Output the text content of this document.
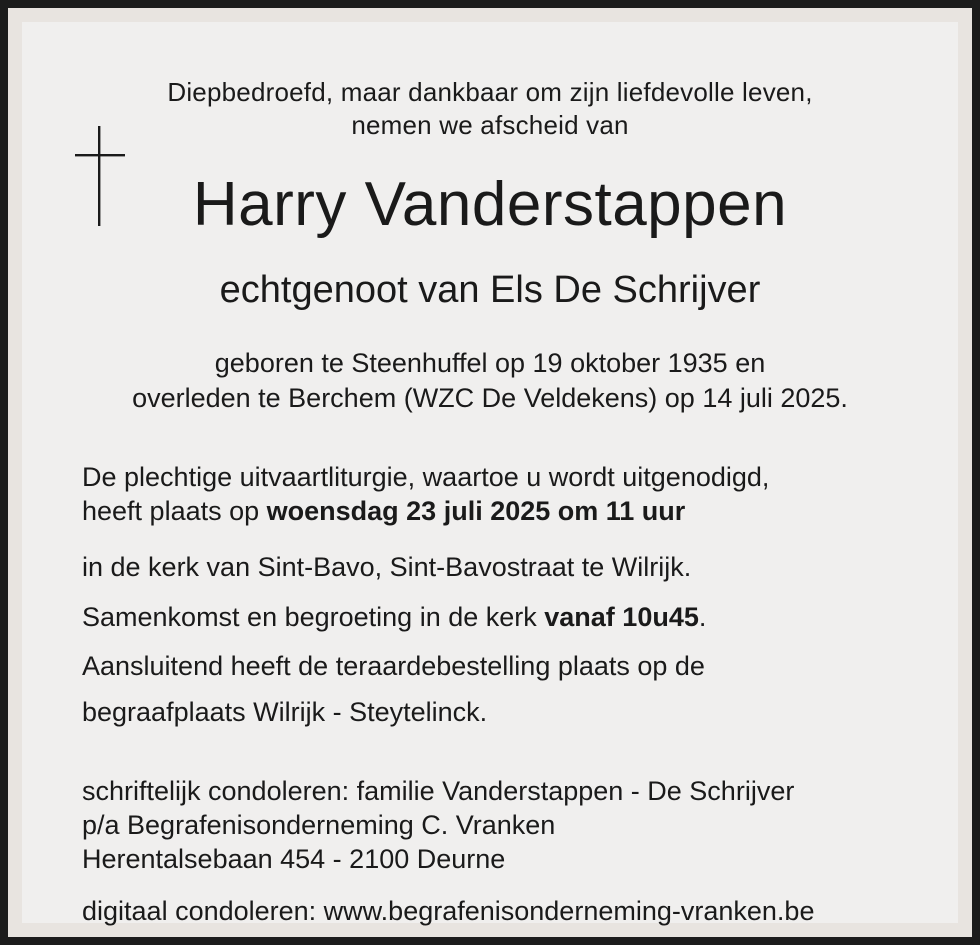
Diepbedroefd, maar dankbaar om zijn liefdevolle leven,
nemen we afscheid van
Harry Vanderstappen
echtgenoot van Els De Schrijver
geboren te Steenhuffel op 19 oktober 1935 en
overleden te Berchem (WZC De Veldekens) op 14 juli 2025.
De plechtige uitvaartliturgie, waartoe u wordt uitgenodigd,
heeft plaats op woensdag 23 juli 2025 om 11 uur
in de kerk van Sint-Bavo, Sint-Bavostraat te Wilrijk.
Samenkomst en begroeting in de kerk vanaf 10u45.
Aansluitend heeft de teraardebestelling plaats op de
begraafplaats Wilrijk - Steytelinck.
schriftelijk condoleren: familie Vanderstappen - De Schrijver
p/a Begrafenisonderneming C. Vranken
Herentalsebaan 454 - 2100 Deurne
digitaal condoleren: www.begrafenisonderneming-vranken.be
